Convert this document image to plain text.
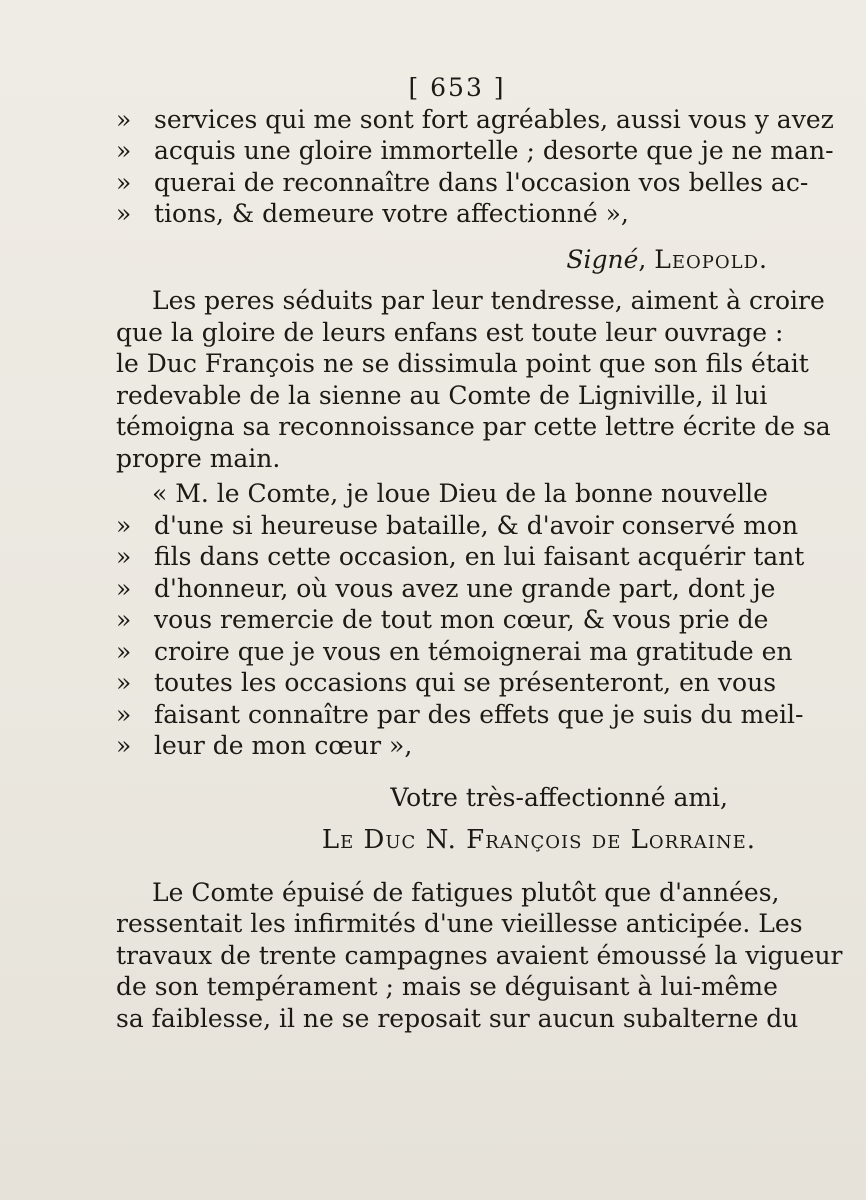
[ 653 ]
» services qui me sont fort agréables, aussi vous y avez
» acquis une gloire immortelle ; desorte que je ne man-
» querai de reconnaître dans l'occasion vos belles ac-
» tions, & demeure votre affectionné »,
Signé, Leopold.
Les peres séduits par leur tendresse, aiment à croire
que la gloire de leurs enfans est toute leur ouvrage :
le Duc François ne se dissimula point que son fils était
redevable de la sienne au Comte de Ligniville, il lui
témoigna sa reconnoissance par cette lettre écrite de sa
propre main.
« M. le Comte, je loue Dieu de la bonne nouvelle
» d'une si heureuse bataille, & d'avoir conservé mon
» fils dans cette occasion, en lui faisant acquérir tant
» d'honneur, où vous avez une grande part, dont je
» vous remercie de tout mon cœur, & vous prie de
» croire que je vous en témoignerai ma gratitude en
» toutes les occasions qui se présenteront, en vous
» faisant connaître par des effets que je suis du meil-
» leur de mon cœur »,
Votre très-affectionné ami,
Le Duc N. François de Lorraine.
Le Comte épuisé de fatigues plutôt que d'années,
ressentait les infirmités d'une vieillesse anticipée. Les
travaux de trente campagnes avaient émoussé la vigueur
de son tempérament ; mais se déguisant à lui-même
sa faiblesse, il ne se reposait sur aucun subalterne du
